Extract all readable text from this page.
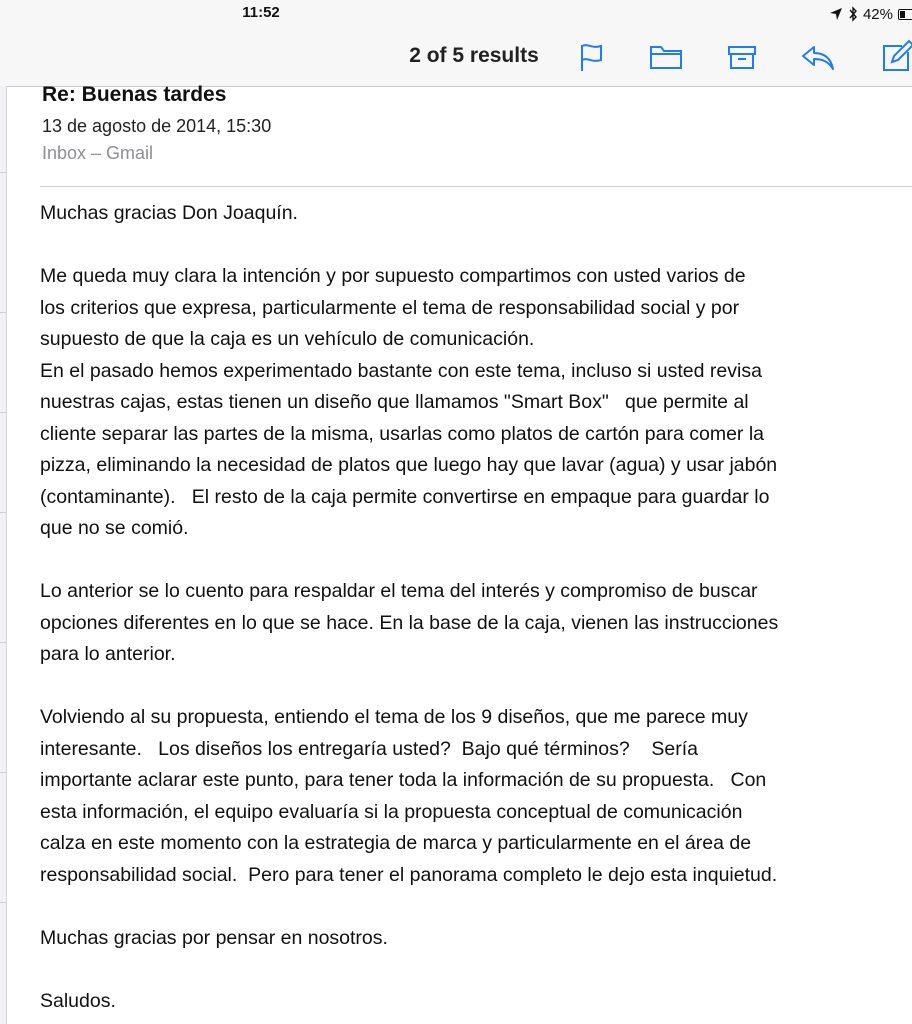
11:52	42%
2 of 5 results
Re: Buenas tardes
13 de agosto de 2014, 15:30
Inbox – Gmail
Muchas gracias Don Joaquín.
Me queda muy clara la intención y por supuesto compartimos con usted varios de
los criterios que expresa, particularmente el tema de responsabilidad social y por
supuesto de que la caja es un vehículo de comunicación.
En el pasado hemos experimentado bastante con este tema, incluso si usted revisa
nuestras cajas, estas tienen un diseño que llamamos "Smart Box"   que permite al
cliente separar las partes de la misma, usarlas como platos de cartón para comer la
pizza, eliminando la necesidad de platos que luego hay que lavar (agua) y usar jabón
(contaminante).   El resto de la caja permite convertirse en empaque para guardar lo
que no se comió.
Lo anterior se lo cuento para respaldar el tema del interés y compromiso de buscar
opciones diferentes en lo que se hace. En la base de la caja, vienen las instrucciones
para lo anterior.
Volviendo al su propuesta, entiendo el tema de los 9 diseños, que me parece muy
interesante.   Los diseños los entregaría usted?  Bajo qué términos?    Sería
importante aclarar este punto, para tener toda la información de su propuesta.   Con
esta información, el equipo evaluaría si la propuesta conceptual de comunicación
calza en este momento con la estrategia de marca y particularmente en el área de
responsabilidad social.  Pero para tener el panorama completo le dejo esta inquietud.
Muchas gracias por pensar en nosotros.
Saludos.
